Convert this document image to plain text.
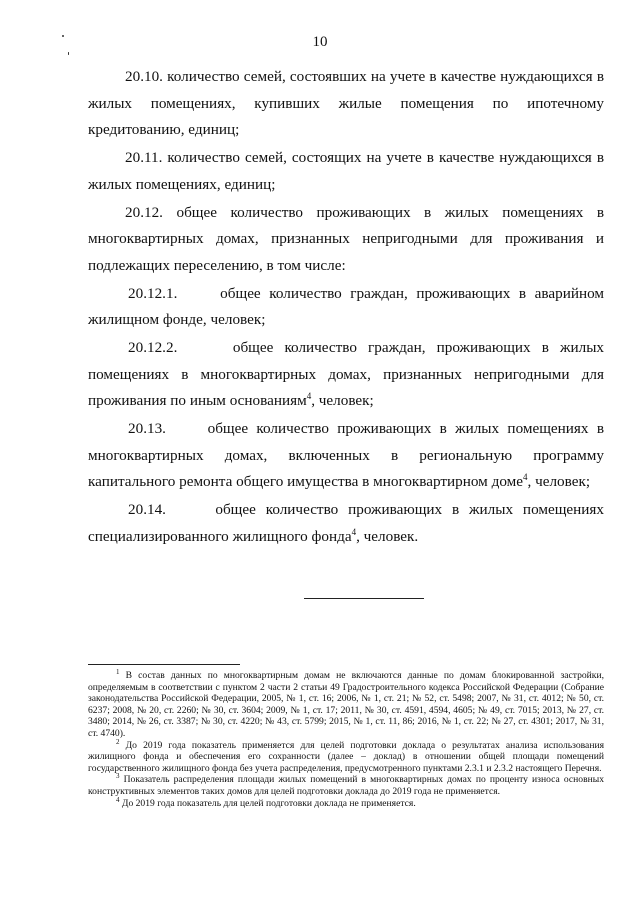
10

20.10. количество семей, состоявших на учете в качестве нуждающихся в жилых помещениях, купивших жилые помещения по ипотечному кредитованию, единиц;

20.11. количество семей, состоящих на учете в качестве нуждающихся в жилых помещениях, единиц;

20.12. общее количество проживающих в жилых помещениях в многоквартирных домах, признанных непригодными для проживания и подлежащих переселению, в том числе:

20.12.1.     общее количество граждан, проживающих в аварийном жилищном фонде, человек;

20.12.2.     общее количество граждан, проживающих в жилых помещениях в многоквартирных домах, признанных непригодными для проживания по иным основаниям$^4$, человек;

20.13.     общее количество проживающих в жилых помещениях в многоквартирных домах, включенных в региональную программу капитального ремонта общего имущества в многоквартирном доме$^4$, человек;

20.14.     общее количество проживающих в жилых помещениях специализированного жилищного фонда$^4$, человек.

$^1$ В состав данных по многоквартирным домам не включаются данные по домам блокированной застройки, определяемым в соответствии с пунктом 2 части 2 статьи 49 Градостроительного кодекса Российской Федерации (Собрание законодательства Российской Федерации, 2005, № 1, ст. 16; 2006, № 1, ст. 21; № 52, ст. 5498; 2007, № 31, ст. 4012; № 50, ст. 6237; 2008, № 20, ст. 2260; № 30, ст. 3604; 2009, № 1, ст. 17; 2011, № 30, ст. 4591, 4594, 4605; № 49, ст. 7015; 2013, № 27, ст. 3480; 2014, № 26, ст. 3387; № 30, ст. 4220; № 43, ст. 5799; 2015, № 1, ст. 11, 86; 2016, № 1, ст. 22; № 27, ст. 4301; 2017, № 31, ст. 4740).

$^2$ До 2019 года показатель применяется для целей подготовки доклада о результатах анализа использования жилищного фонда и обеспечения его сохранности (далее – доклад) в отношении общей площади помещений государственного жилищного фонда без учета распределения, предусмотренного пунктами 2.3.1 и 2.3.2 настоящего Перечня.

$^3$ Показатель распределения площади жилых помещений в многоквартирных домах по проценту износа основных конструктивных элементов таких домов для целей подготовки доклада до 2019 года не применяется.

$^4$ До 2019 года показатель для целей подготовки доклада не применяется.
